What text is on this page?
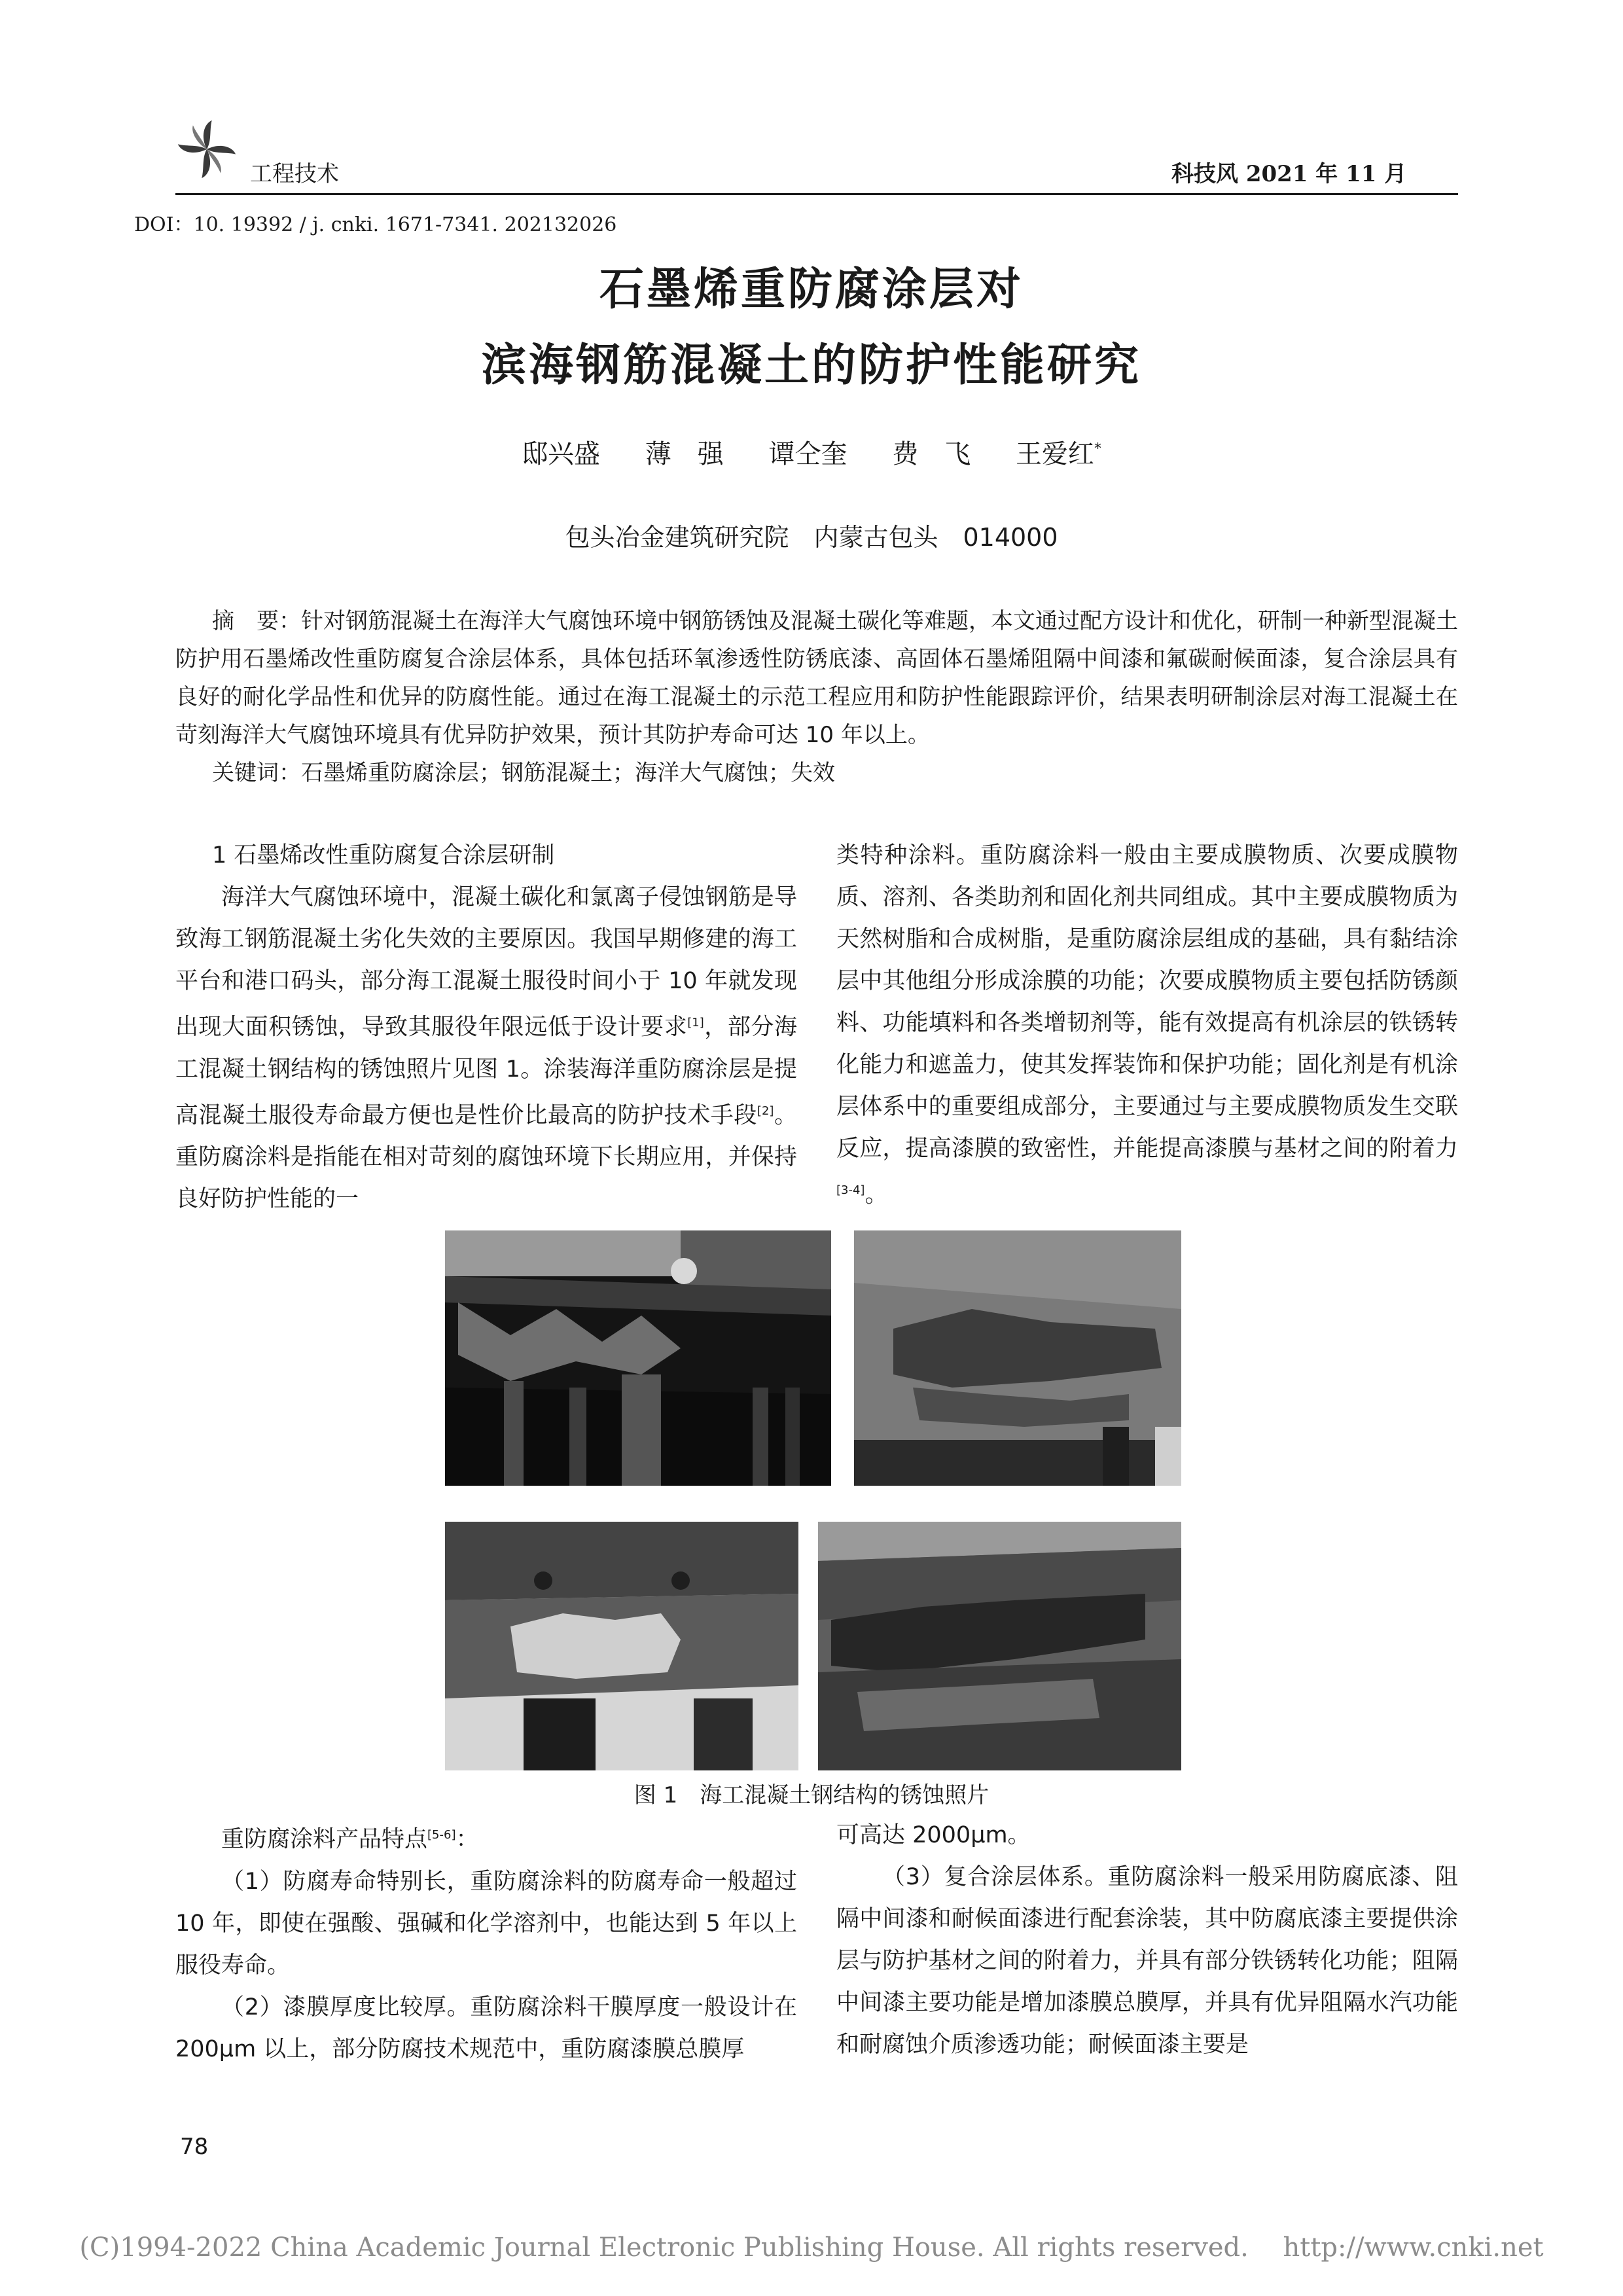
工程技术	科技风 2021 年 11 月
DOI：10. 19392 / j. cnki. 1671-7341. 202132026
石墨烯重防腐涂层对
滨海钢筋混凝土的防护性能研究
邸兴盛 薄　强 谭仝奎 费　飞 王爱红*
包头冶金建筑研究院　内蒙古包头　014000
摘　要：针对钢筋混凝土在海洋大气腐蚀环境中钢筋锈蚀及混凝土碳化等难题，本文通过配方设计和优化，研制一种新型混凝土防护用石墨烯改性重防腐复合涂层体系，具体包括环氧渗透性防锈底漆、高固体石墨烯阻隔中间漆和氟碳耐候面漆，复合涂层具有良好的耐化学品性和优异的防腐性能。通过在海工混凝土的示范工程应用和防护性能跟踪评价，结果表明研制涂层对海工混凝土在苛刻海洋大气腐蚀环境具有优异防护效果，预计其防护寿命可达 10 年以上。
关键词：石墨烯重防腐涂层；钢筋混凝土；海洋大气腐蚀；失效

1 石墨烯改性重防腐复合涂层研制

海洋大气腐蚀环境中，混凝土碳化和氯离子侵蚀钢筋是导致海工钢筋混凝土劣化失效的主要原因。我国早期修建的海工平台和港口码头，部分海工混凝土服役时间小于 10 年就发现出现大面积锈蚀，导致其服役年限远低于设计要求[1]，部分海工混凝土钢结构的锈蚀照片见图 1。涂装海洋重防腐涂层是提高混凝土服役寿命最方便也是性价比最高的防护技术手段[2]。重防腐涂料是指能在相对苛刻的腐蚀环境下长期应用，并保持良好防护性能的一

类特种涂料。重防腐涂料一般由主要成膜物质、次要成膜物质、溶剂、各类助剂和固化剂共同组成。其中主要成膜物质为天然树脂和合成树脂，是重防腐涂层组成的基础，具有黏结涂层中其他组分形成涂膜的功能；次要成膜物质主要包括防锈颜料、功能填料和各类增韧剂等，能有效提高有机涂层的铁锈转化能力和遮盖力，使其发挥装饰和保护功能；固化剂是有机涂层体系中的重要组成部分，主要通过与主要成膜物质发生交联反应，提高漆膜的致密性，并能提高漆膜与基材之间的附着力[3-4]。

图 1　海工混凝土钢结构的锈蚀照片

重防腐涂料产品特点[5-6]：

（1）防腐寿命特别长，重防腐涂料的防腐寿命一般超过 10 年，即使在强酸、强碱和化学溶剂中，也能达到 5 年以上服役寿命。

（2）漆膜厚度比较厚。重防腐涂料干膜厚度一般设计在 200μm 以上，部分防腐技术规范中，重防腐漆膜总膜厚

可高达 2000μm。

（3）复合涂层体系。重防腐涂料一般采用防腐底漆、阻隔中间漆和耐候面漆进行配套涂装，其中防腐底漆主要提供涂层与防护基材之间的附着力，并具有部分铁锈转化功能；阻隔中间漆主要功能是增加漆膜总膜厚，并具有优异阻隔水汽功能和耐腐蚀介质渗透功能；耐候面漆主要是

78
(C)1994-2022 China Academic Journal Electronic Publishing House. All rights reserved.　 http://www.cnki.net
